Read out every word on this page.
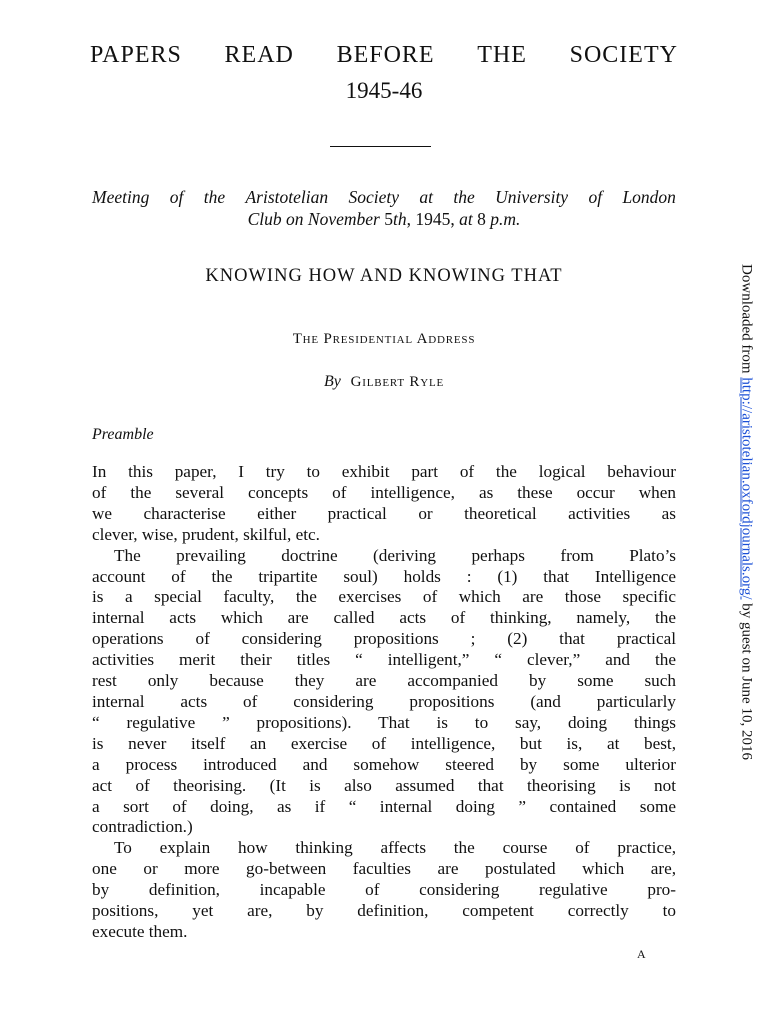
PAPERS READ BEFORE THE SOCIETY
1945-46
Meeting of the Aristotelian Society at the University of London
Club on November 5th, 1945, at 8 p.m.
KNOWING HOW AND KNOWING THAT
The Presidential Address
By Gilbert Ryle
Preamble
In this paper, I try to exhibit part of the logical behaviour
of the several concepts of intelligence, as these occur when
we characterise either practical or theoretical activities as
clever, wise, prudent, skilful, etc.
The prevailing doctrine (deriving perhaps from Plato’s
account of the tripartite soul) holds : (1) that Intelligence
is a special faculty, the exercises of which are those specific
internal acts which are called acts of thinking, namely, the
operations of considering propositions ; (2) that practical
activities merit their titles “ intelligent,” “ clever,” and the
rest only because they are accompanied by some such
internal acts of considering propositions (and particularly
“ regulative ” propositions). That is to say, doing things
is never itself an exercise of intelligence, but is, at best,
a process introduced and somehow steered by some ulterior
act of theorising. (It is also assumed that theorising is not
a sort of doing, as if “ internal doing ” contained some
contradiction.)
To explain how thinking affects the course of practice,
one or more go-between faculties are postulated which are,
by definition, incapable of considering regulative pro-
positions, yet are, by definition, competent correctly to
execute them.
A
Downloaded from http://aristotelian.oxfordjournals.org/ by guest on June 10, 2016
